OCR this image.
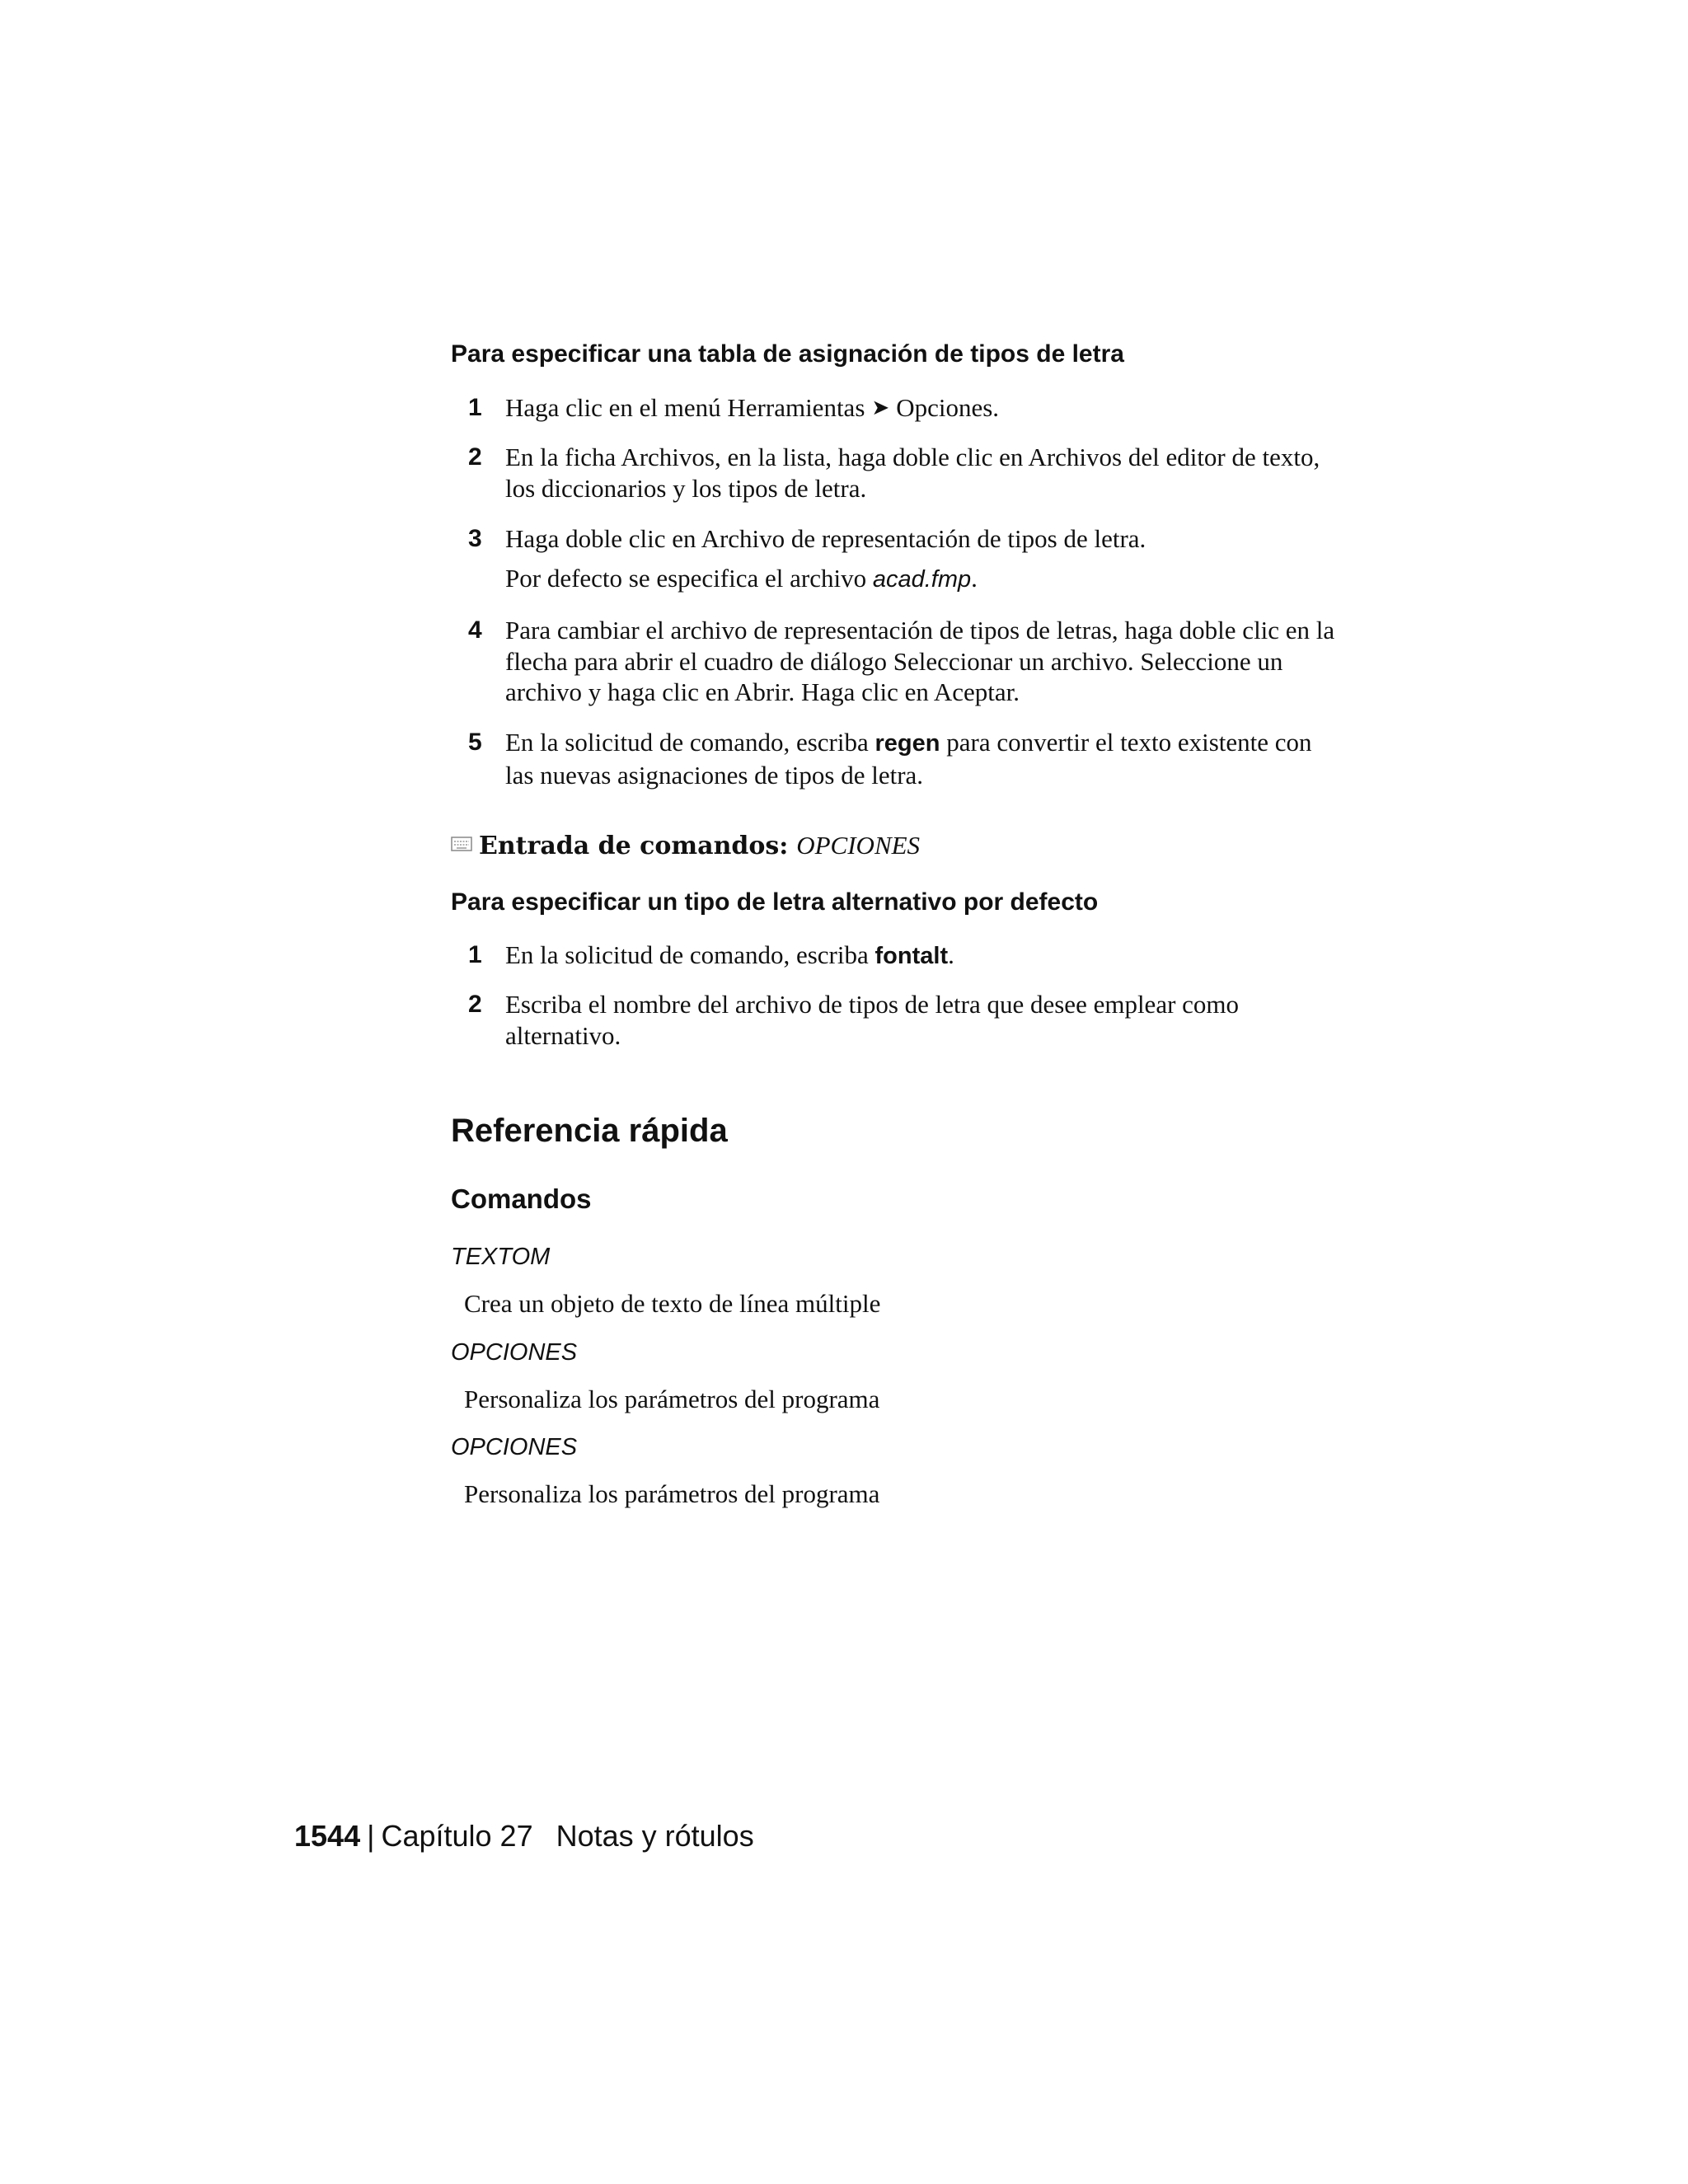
Para especificar una tabla de asignación de tipos de letra
1 Haga clic en el menú Herramientas ➤ Opciones.
2 En la ficha Archivos, en la lista, haga doble clic en Archivos del editor de texto, los diccionarios y los tipos de letra.
3 Haga doble clic en Archivo de representación de tipos de letra.
Por defecto se especifica el archivo acad.fmp.
4 Para cambiar el archivo de representación de tipos de letras, haga doble clic en la flecha para abrir el cuadro de diálogo Seleccionar un archivo. Seleccione un archivo y haga clic en Abrir. Haga clic en Aceptar.
5 En la solicitud de comando, escriba regen para convertir el texto existente con las nuevas asignaciones de tipos de letra.
Entrada de comandos: OPCIONES
Para especificar un tipo de letra alternativo por defecto
1 En la solicitud de comando, escriba fontalt.
2 Escriba el nombre del archivo de tipos de letra que desee emplear como alternativo.
Referencia rápida
Comandos
TEXTOM
Crea un objeto de texto de línea múltiple
OPCIONES
Personaliza los parámetros del programa
OPCIONES
Personaliza los parámetros del programa
1544 | Capítulo 27 Notas y rótulos
